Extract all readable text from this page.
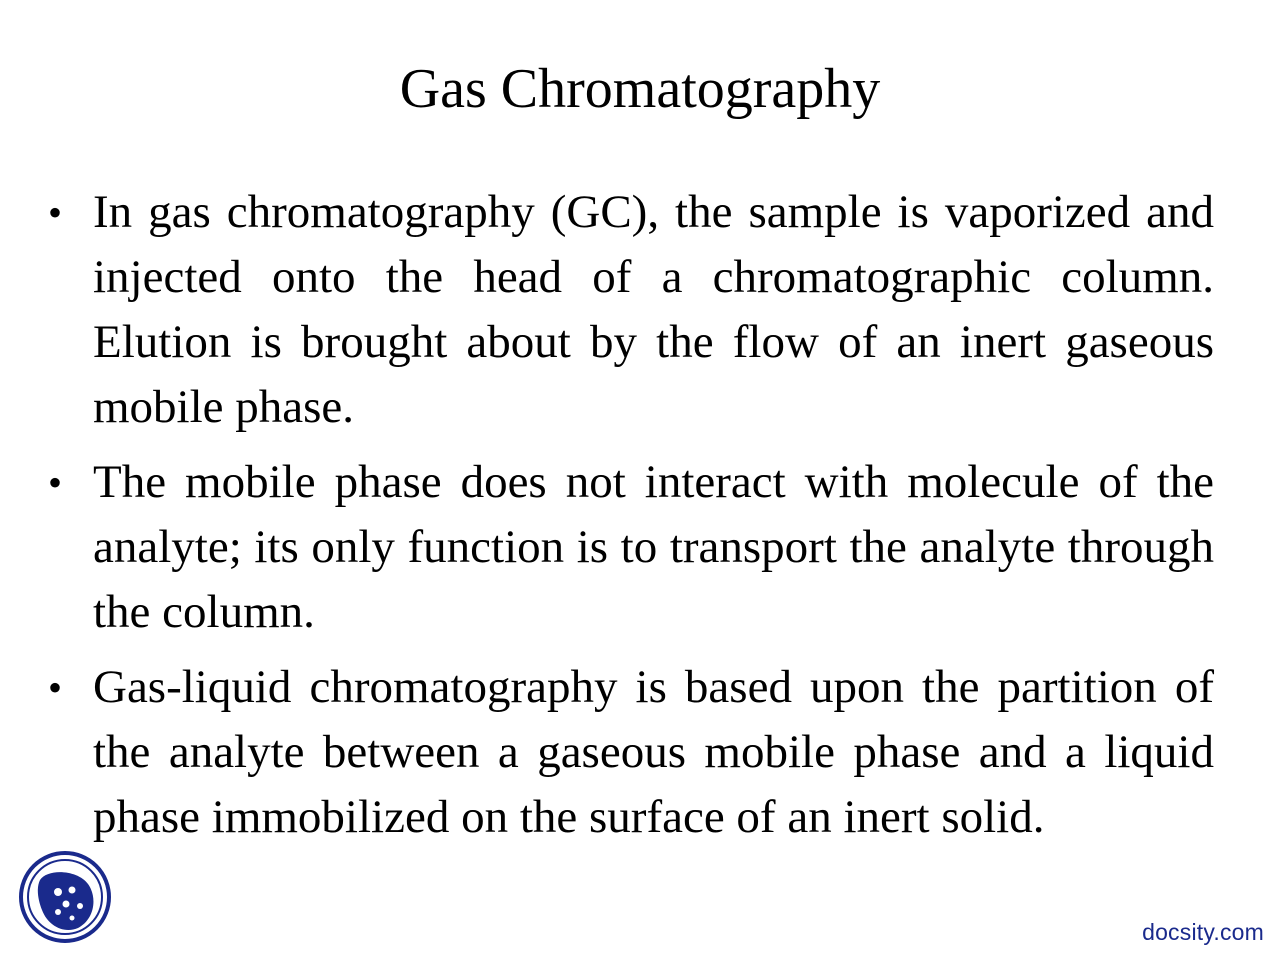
Gas Chromatography
• In gas chromatography (GC), the sample is vaporized and injected onto the head of a chromatographic column. Elution is brought about by the flow of an inert gaseous mobile phase.
• The mobile phase does not interact with molecule of the analyte; its only function is to transport the analyte through the column.
• Gas-liquid chromatography is based upon the partition of the analyte between a gaseous mobile phase and a liquid phase immobilized on the surface of an inert solid.
docsity.com
